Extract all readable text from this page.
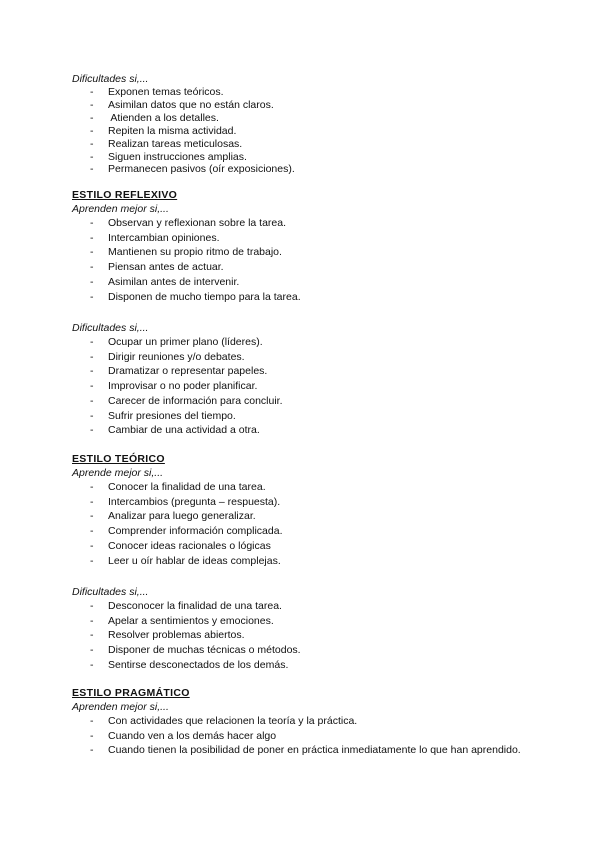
Dificultades si,...
- Exponen temas teóricos.
- Asimilan datos que no están claros.
- Atienden a los detalles.
- Repiten la misma actividad.
- Realizan tareas meticulosas.
- Siguen instrucciones amplias.
- Permanecen pasivos (oír exposiciones).
ESTILO REFLEXIVO
Aprenden mejor si,...
- Observan y reflexionan sobre la tarea.
- Intercambian opiniones.
- Mantienen su propio ritmo de trabajo.
- Piensan antes de actuar.
- Asimilan antes de intervenir.
- Disponen de mucho tiempo para la tarea.
Dificultades si,...
- Ocupar un primer plano (líderes).
- Dirigir reuniones y/o debates.
- Dramatizar o representar papeles.
- Improvisar o no poder planificar.
- Carecer de información para concluir.
- Sufrir presiones del tiempo.
- Cambiar de una actividad a otra.
ESTILO TEÓRICO
Aprende mejor si,...
- Conocer la finalidad de una tarea.
- Intercambios (pregunta – respuesta).
- Analizar para luego generalizar.
- Comprender información complicada.
- Conocer ideas racionales o lógicas
- Leer u oír hablar de ideas complejas.
Dificultades si,...
- Desconocer la finalidad de una tarea.
- Apelar a sentimientos y emociones.
- Resolver problemas abiertos.
- Disponer de muchas técnicas o métodos.
- Sentirse desconectados de los demás.
ESTILO PRAGMÁTICO
Aprenden mejor si,...
- Con actividades que relacionen la teoría y la práctica.
- Cuando ven a los demás hacer algo
- Cuando tienen la posibilidad de poner en práctica inmediatamente lo que han aprendido.
